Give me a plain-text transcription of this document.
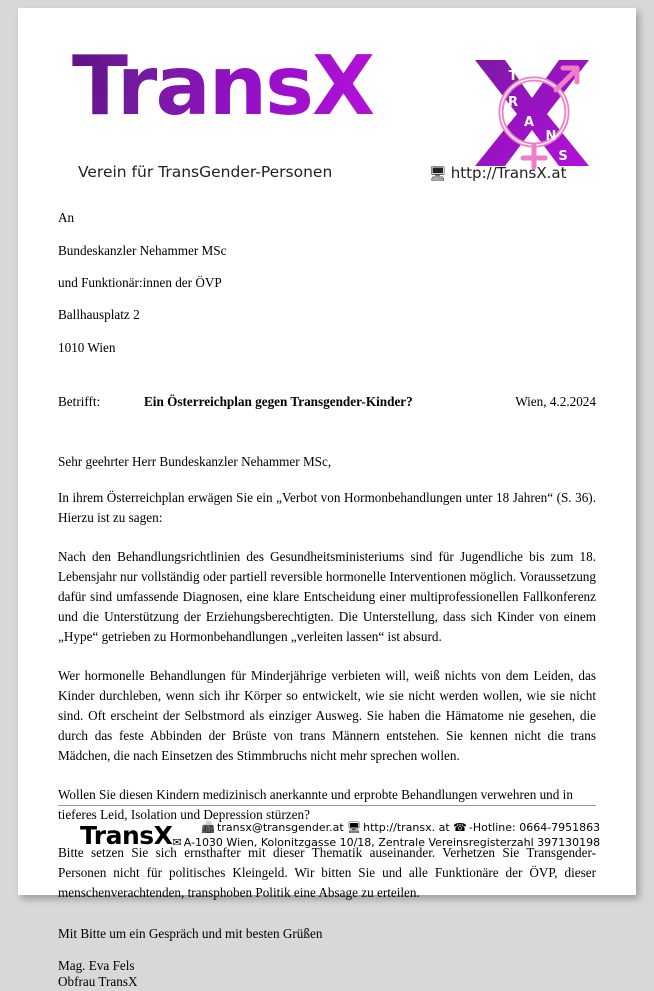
TransX	T
R
A
N
S
Verein für TransGender-Personen	🖥 http://TransX.at

An

Bundeskanzler Nehammer MSc

und Funktionär:innen der ÖVP

Ballhausplatz 2

1010 Wien

Betrifft:	Ein Österreichplan gegen Transgender-Kinder?	Wien, 4.2.2024
Sehr geehrter Herr Bundeskanzler Nehammer MSc,

In ihrem Österreichplan erwägen Sie ein „Verbot von Hormonbehandlungen unter 18 Jahren“ (S. 36). Hierzu ist zu sagen:

Nach den Behandlungsrichtlinien des Gesundheitsministeriums sind für Jugendliche bis zum 18. Lebensjahr nur vollständig oder partiell reversible hormonelle Interventionen möglich. Voraussetzung dafür sind umfassende Diagnosen, eine klare Entscheidung einer multiprofessionellen Fallkonferenz und die Unterstützung der Erziehungsberechtigten. Die Unterstellung, dass sich Kinder von einem „Hype“ getrieben zu Hormonbehandlungen „verleiten lassen“ ist absurd.

Wer hormonelle Behandlungen für Minderjährige verbieten will, weiß nichts von dem Leiden, das Kinder durchleben, wenn sich ihr Körper so entwickelt, wie sie nicht werden wollen, wie sie nicht sind. Oft erscheint der Selbstmord als einziger Ausweg. Sie haben die Hämatome nie gesehen, die durch das feste Abbinden der Brüste von trans Männern entstehen. Sie kennen nicht die trans Mädchen, die nach Einsetzen des Stimmbruchs nicht mehr sprechen wollen.

Wollen Sie diesen Kindern medizinisch anerkannte und erprobte Behandlungen verwehren und in tieferes Leid, Isolation und Depression stürzen?

Bitte setzen Sie sich ernsthafter mit dieser Thematik auseinander. Verhetzen Sie Transgender-Personen nicht für politisches Kleingeld. Wir bitten Sie und alle Funktionäre der ÖVP, dieser menschenverachtenden, transphoben Politik eine Absage zu erteilen.

Mit Bitte um ein Gespräch und mit besten Grüßen
Mag. Eva Fels
Obfrau TransX
TransX	📠 transx@transgender.at 🖥 http://transx. at ☎ -Hotline: 0664-7951863
✉ A-1030 Wien, Kolonitzgasse 10/18, Zentrale Vereinsregisterzahl 397130198
